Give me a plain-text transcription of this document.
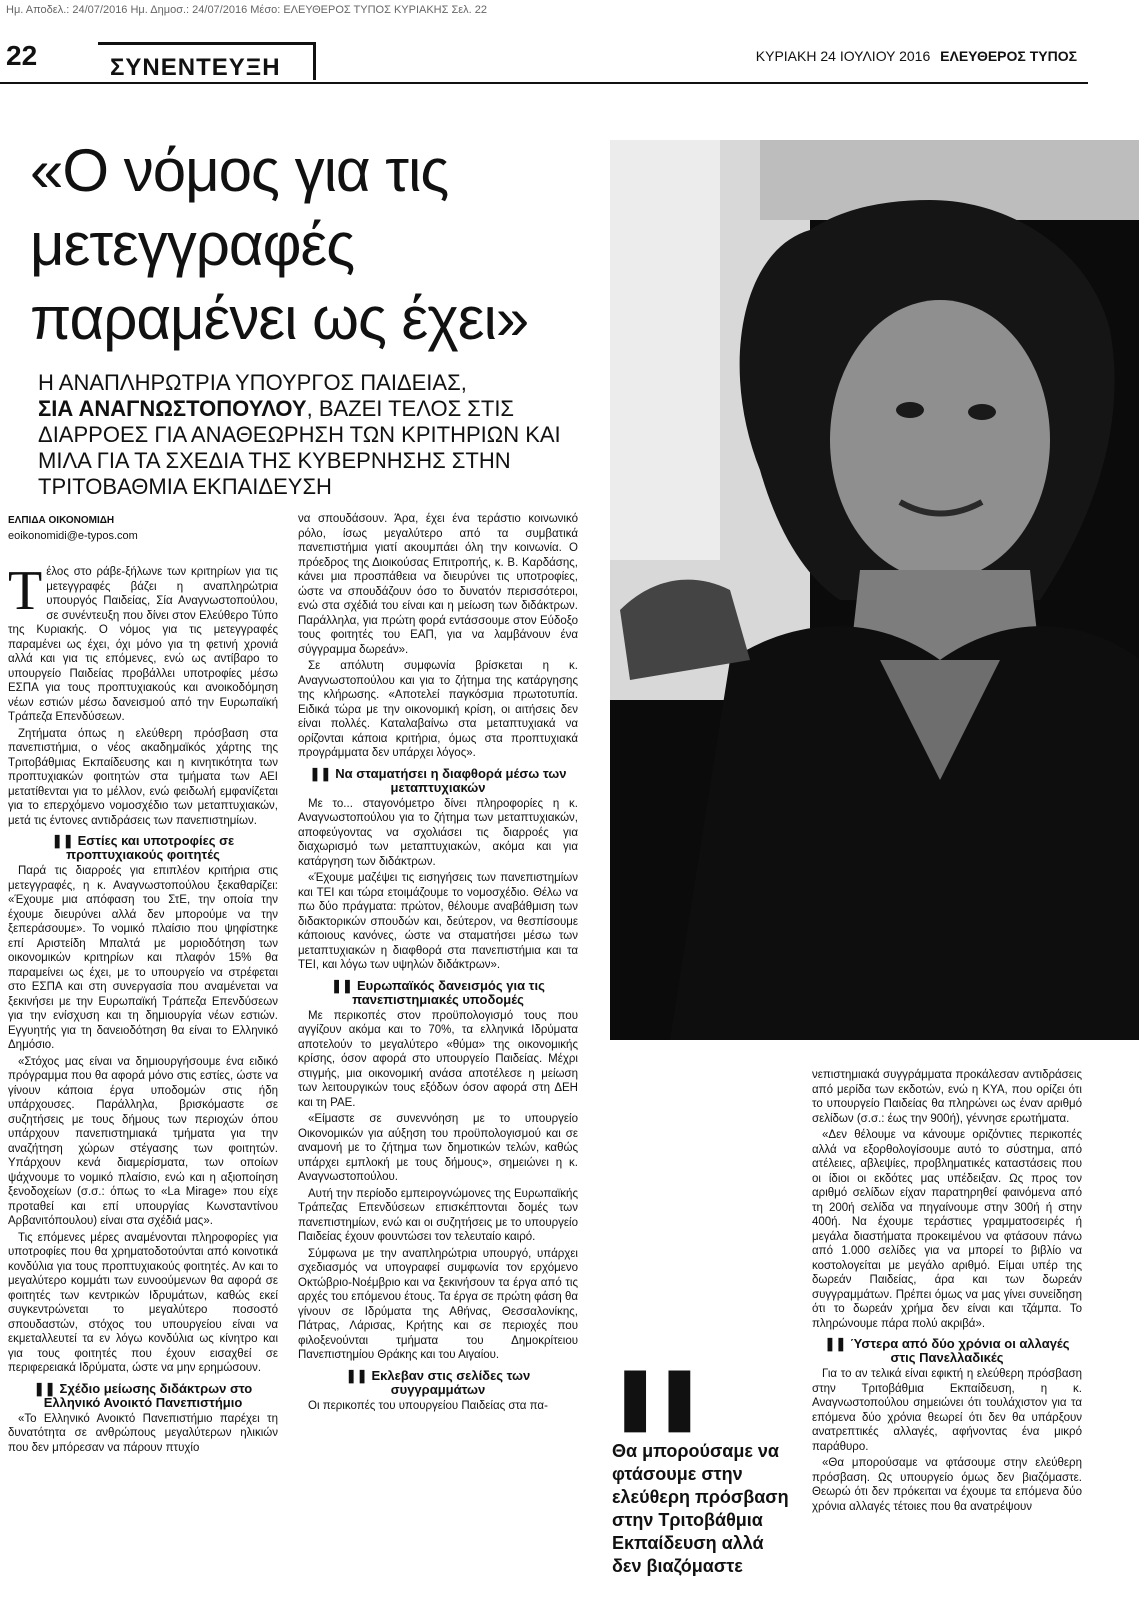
Ημ. Αποδελ.: 24/07/2016 Ημ. Δημοσ.: 24/07/2016 Μέσο: ΕΛΕΥΘΕΡΟΣ ΤΥΠΟΣ ΚΥΡΙΑΚΗΣ Σελ. 22
22	ΣΥΝΕΝΤΕΥΞΗ	ΚΥΡΙΑΚΗ 24 ΙΟΥΛΙΟΥ 2016 ΕΛΕΥΘΕΡΟΣ ΤΥΠΟΣ
«Ο νόμος για τις μετεγγραφές παραμένει ως έχει»
Η ΑΝΑΠΛΗΡΩΤΡΙΑ ΥΠΟΥΡΓΟΣ ΠΑΙΔΕΙΑΣ,
ΣΙΑ ΑΝΑΓΝΩΣΤΟΠΟΥΛΟΥ, ΒΑΖΕΙ ΤΕΛΟΣ ΣΤΙΣ ΔΙΑΡΡΟΕΣ ΓΙΑ ΑΝΑΘΕΩΡΗΣΗ ΤΩΝ ΚΡΙΤΗΡΙΩΝ ΚΑΙ ΜΙΛΑ ΓΙΑ ΤΑ ΣΧΕΔΙΑ ΤΗΣ ΚΥΒΕΡΝΗΣΗΣ ΣΤΗΝ ΤΡΙΤΟΒΑΘΜΙΑ ΕΚΠΑΙΔΕΥΣΗ
ΕΛΠΙΔΑ ΟΙΚΟΝΟΜΙΔΗ
eoikonomidi@e-typos.com

Τέλος στο ράβε-ξήλωνε των κριτηρίων για τις μετεγγραφές βάζει η αναπληρώτρια υπουργός Παιδείας, Σία Αναγνωστοπούλου, σε συνέντευξη που δίνει στον Ελεύθερο Τύπο της Κυριακής. Ο νόμος για τις μετεγγραφές παραμένει ως έχει, όχι μόνο για τη φετινή χρονιά αλλά και για τις επόμενες, ενώ ως αντίβαρο το υπουργείο Παιδείας προβάλλει υποτροφίες μέσω ΕΣΠΑ για τους προπτυχιακούς και ανοικοδόμηση νέων εστιών μέσω δανεισμού από την Ευρωπαϊκή Τράπεζα Επενδύσεων.

Ζητήματα όπως η ελεύθερη πρόσβαση στα πανεπιστήμια, ο νέος ακαδημαϊκός χάρτης της Τριτοβάθμιας Εκπαίδευσης και η κινητικότητα των προπτυχιακών φοιτητών στα τμήματα των ΑΕΙ μετατίθενται για το μέλλον, ενώ φειδωλή εμφανίζεται για το επερχόμενο νομοσχέδιο των μεταπτυχιακών, μετά τις έντονες αντιδράσεις των πανεπιστημίων.

❚❚ Εστίες και υποτροφίες σε προπτυχιακούς φοιτητές

Παρά τις διαρροές για επιπλέον κριτήρια στις μετεγγραφές, η κ. Αναγνωστοπούλου ξεκαθαρίζει: «Έχουμε μια απόφαση του ΣτΕ, την οποία την έχουμε διευρύνει αλλά δεν μπορούμε να την ξεπεράσουμε». Το νομικό πλαίσιο που ψηφίστηκε επί Αριστείδη Μπαλτά με μοριοδότηση των οικονομικών κριτηρίων και πλαφόν 15% θα παραμείνει ως έχει, με το υπουργείο να στρέφεται στο ΕΣΠΑ και στη συνεργασία που αναμένεται να ξεκινήσει με την Ευρωπαϊκή Τράπεζα Επενδύσεων για την ενίσχυση και τη δημιουργία νέων εστιών. Εγγυητής για τη δανειοδότηση θα είναι το Ελληνικό Δημόσιο.

«Στόχος μας είναι να δημιουργήσουμε ένα ειδικό πρόγραμμα που θα αφορά μόνο στις εστίες, ώστε να γίνουν κάποια έργα υποδομών στις ήδη υπάρχουσες. Παράλληλα, βρισκόμαστε σε συζητήσεις με τους δήμους των περιοχών όπου υπάρχουν πανεπιστημιακά τμήματα για την αναζήτηση χώρων στέγασης των φοιτητών. Υπάρχουν κενά διαμερίσματα, των οποίων ψάχνουμε το νομικό πλαίσιο, ενώ και η αξιοποίηση ξενοδοχείων (σ.σ.: όπως το «La Mirage» που είχε προταθεί και επί υπουργίας Κωνσταντίνου Αρβανιτόπουλου) είναι στα σχέδιά μας».

Τις επόμενες μέρες αναμένονται πληροφορίες για υποτροφίες που θα χρηματοδοτούνται από κοινοτικά κονδύλια για τους προπτυχιακούς φοιτητές. Αν και το μεγαλύτερο κομμάτι των ευνοούμενων θα αφορά σε φοιτητές των κεντρικών Ιδρυμάτων, καθώς εκεί συγκεντρώνεται το μεγαλύτερο ποσοστό σπουδαστών, στόχος του υπουργείου είναι να εκμεταλλευτεί τα εν λόγω κονδύλια ως κίνητρο και για τους φοιτητές που έχουν εισαχθεί σε περιφερειακά Ιδρύματα, ώστε να μην ερημώσουν.

❚❚ Σχέδιο μείωσης διδάκτρων στο Ελληνικό Ανοικτό Πανεπιστήμιο

«Το Ελληνικό Ανοικτό Πανεπιστήμιο παρέχει τη δυνατότητα σε ανθρώπους μεγαλύτερων ηλικιών που δεν μπόρεσαν να πάρουν πτυχίο

να σπουδάσουν. Άρα, έχει ένα τεράστιο κοινωνικό ρόλο, ίσως μεγαλύτερο από τα συμβατικά πανεπιστήμια γιατί ακουμπάει όλη την κοινωνία. Ο πρόεδρος της Διοικούσας Επιτροπής, κ. Β. Καρδάσης, κάνει μια προσπάθεια να διευρύνει τις υποτροφίες, ώστε να σπουδάζουν όσο το δυνατόν περισσότεροι, ενώ στα σχέδιά του είναι και η μείωση των διδάκτρων. Παράλληλα, για πρώτη φορά εντάσσουμε στον Εύδοξο τους φοιτητές του ΕΑΠ, για να λαμβάνουν ένα σύγγραμμα δωρεάν».

Σε απόλυτη συμφωνία βρίσκεται η κ. Αναγνωστοπούλου και για το ζήτημα της κατάργησης της κλήρωσης. «Αποτελεί παγκόσμια πρωτοτυπία. Ειδικά τώρα με την οικονομική κρίση, οι αιτήσεις δεν είναι πολλές. Καταλαβαίνω στα μεταπτυχιακά να ορίζονται κάποια κριτήρια, όμως στα προπτυχιακά προγράμματα δεν υπάρχει λόγος».

❚❚ Να σταματήσει η διαφθορά μέσω των μεταπτυχιακών

Με το... σταγονόμετρο δίνει πληροφορίες η κ. Αναγνωστοπούλου για το ζήτημα των μεταπτυχιακών, αποφεύγοντας να σχολιάσει τις διαρροές για διαχωρισμό των μεταπτυχιακών, ακόμα και για κατάργηση των διδάκτρων.

«Έχουμε μαζέψει τις εισηγήσεις των πανεπιστημίων και ΤΕΙ και τώρα ετοιμάζουμε το νομοσχέδιο. Θέλω να πω δύο πράγματα: πρώτον, θέλουμε αναβάθμιση των διδακτορικών σπουδών και, δεύτερον, να θεσπίσουμε κάποιους κανόνες, ώστε να σταματήσει μέσω των μεταπτυχιακών η διαφθορά στα πανεπιστήμια και τα ΤΕΙ, και λόγω των υψηλών διδάκτρων».

❚❚ Ευρωπαϊκός δανεισμός για τις πανεπιστημιακές υποδομές

Με περικοπές στον προϋπολογισμό τους που αγγίζουν ακόμα και το 70%, τα ελληνικά Ιδρύματα αποτελούν το μεγαλύτερο «θύμα» της οικονομικής κρίσης, όσον αφορά στο υπουργείο Παιδείας. Μέχρι στιγμής, μια οικονομική ανάσα αποτέλεσε η μείωση των λειτουργικών τους εξόδων όσον αφορά στη ΔΕΗ και τη ΡΑΕ.

«Είμαστε σε συνεννόηση με το υπουργείο Οικονομικών για αύξηση του προϋπολογισμού και σε αναμονή με το ζήτημα των δημοτικών τελών, καθώς υπάρχει εμπλοκή με τους δήμους», σημειώνει η κ. Αναγνωστοπούλου.

Αυτή την περίοδο εμπειρογνώμονες της Ευρωπαϊκής Τράπεζας Επενδύσεων επισκέπτονται δομές των πανεπιστημίων, ενώ και οι συζητήσεις με το υπουργείο Παιδείας έχουν φουντώσει τον τελευταίο καιρό.

Σύμφωνα με την αναπληρώτρια υπουργό, υπάρχει σχεδιασμός να υπογραφεί συμφωνία τον ερχόμενο Οκτώβριο-Νοέμβριο και να ξεκινήσουν τα έργα από τις αρχές του επόμενου έτους. Τα έργα σε πρώτη φάση θα γίνουν σε Ιδρύματα της Αθήνας, Θεσσαλονίκης, Πάτρας, Λάρισας, Κρήτης και σε περιοχές που φιλοξενούνται τμήματα του Δημοκρίτειου Πανεπιστημίου Θράκης και του Αιγαίου.

❚❚ Εκλεβαν στις σελίδες των συγγραμμάτων

Οι περικοπές του υπουργείου Παιδείας στα πα-	❚❚
Θα μπορούσαμε να φτάσουμε στην ελεύθερη πρόσβαση στην Τριτοβάθμια Εκπαίδευση αλλά δεν βιαζόμαστε

νεπιστημιακά συγγράμματα προκάλεσαν αντιδράσεις από μερίδα των εκδοτών, ενώ η ΚΥΑ, που ορίζει ότι το υπουργείο Παιδείας θα πληρώνει ως έναν αριθμό σελίδων (σ.σ.: έως την 900ή), γέννησε ερωτήματα.

«Δεν θέλουμε να κάνουμε οριζόντιες περικοπές αλλά να εξορθολογίσουμε αυτό το σύστημα, από ατέλειες, αβλεψίες, προβληματικές καταστάσεις που οι ίδιοι οι εκδότες μας υπέδειξαν. Ως προς τον αριθμό σελίδων είχαν παρατηρηθεί φαινόμενα από τη 200ή σελίδα να πηγαίνουμε στην 300ή ή στην 400ή. Να έχουμε τεράστιες γραμματοσειρές ή μεγάλα διαστήματα προκειμένου να φτάσουν πάνω από 1.000 σελίδες για να μπορεί το βιβλίο να κοστολογείται με μεγάλο αριθμό. Είμαι υπέρ της δωρεάν Παιδείας, άρα και των δωρεάν συγγραμμάτων. Πρέπει όμως να μας γίνει συνείδηση ότι το δωρεάν χρήμα δεν είναι και τζάμπα. Το πληρώνουμε πάρα πολύ ακριβά».

❚❚ Ύστερα από δύο χρόνια οι αλλαγές στις Πανελλαδικές

Για το αν τελικά είναι εφικτή η ελεύθερη πρόσβαση στην Τριτοβάθμια Εκπαίδευση, η κ. Αναγνωστοπούλου σημειώνει ότι τουλάχιστον για τα επόμενα δύο χρόνια θεωρεί ότι δεν θα υπάρξουν ανατρεπτικές αλλαγές, αφήνοντας ένα μικρό παράθυρο.

«Θα μπορούσαμε να φτάσουμε στην ελεύθερη πρόσβαση. Ως υπουργείο όμως δεν βιαζόμαστε. Θεωρώ ότι δεν πρόκειται να έχουμε τα επόμενα δύο χρόνια αλλαγές τέτοιες που θα ανατρέψουν
